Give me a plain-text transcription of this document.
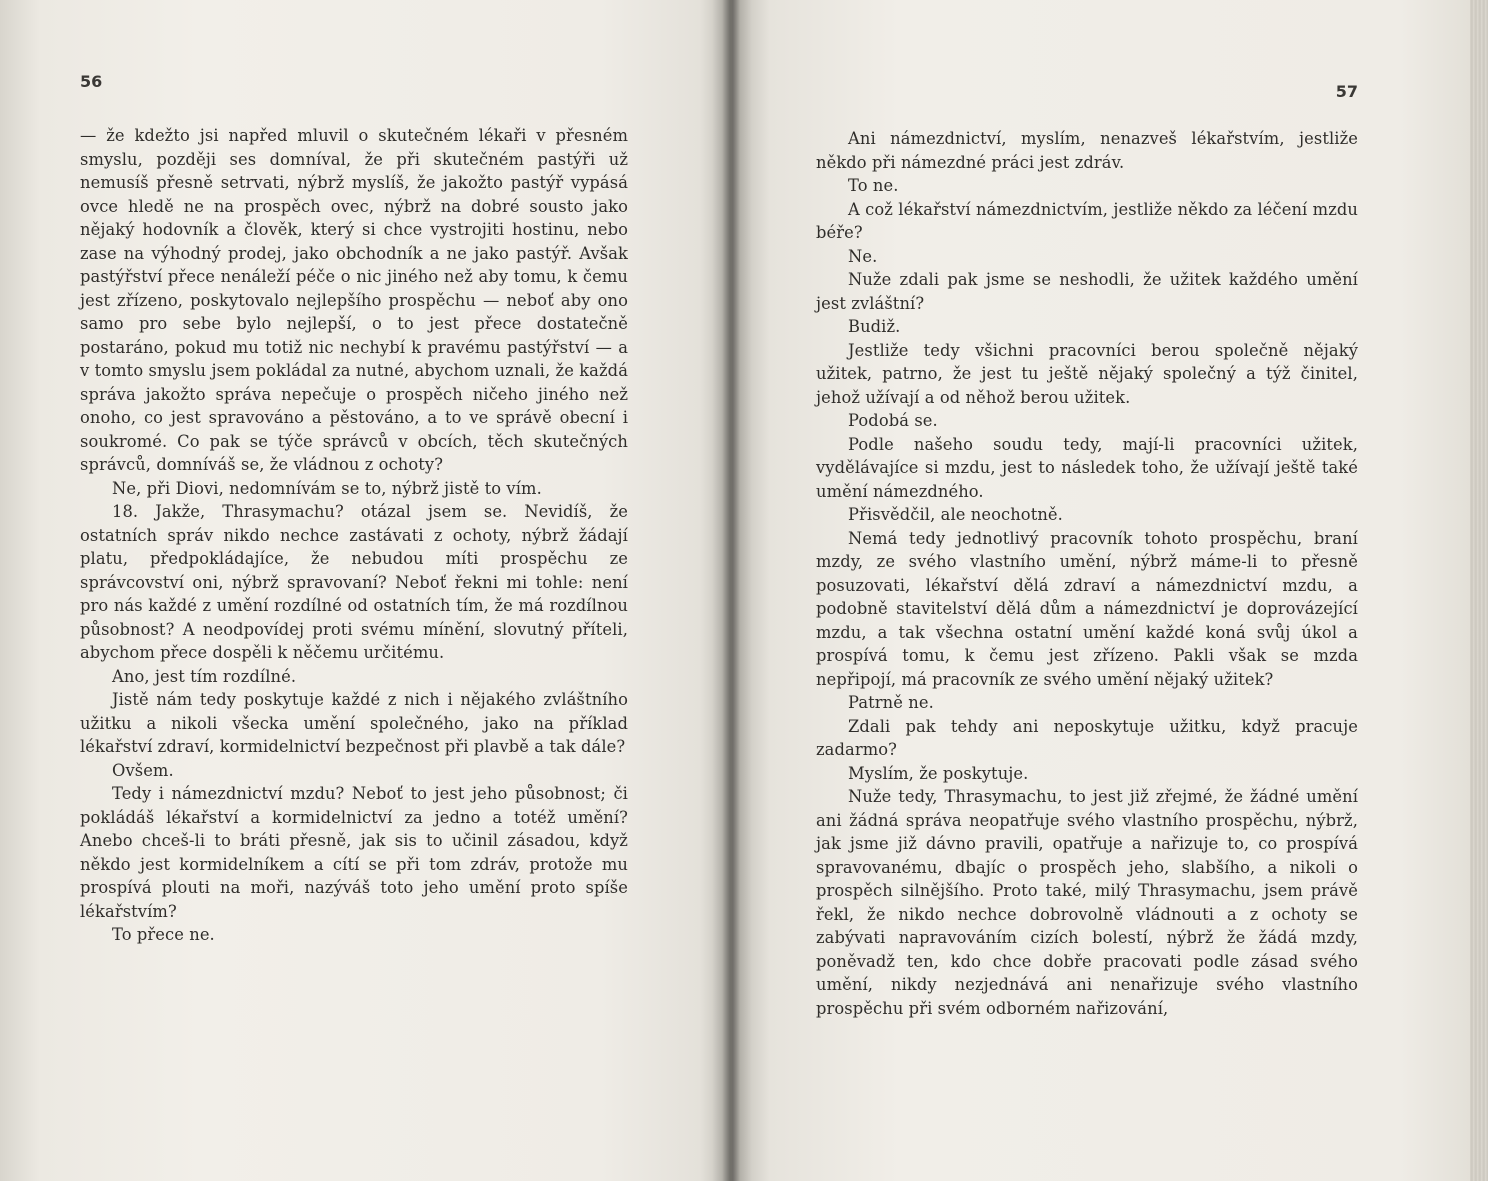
56

— že kdežto jsi napřed mluvil o skutečném lékaři v přesném smyslu, později ses domníval, že při skutečném pastýři už nemusíš přesně setrvati, nýbrž myslíš, že jakožto pastýř vypásá ovce hledě ne na prospěch ovec, nýbrž na dobré sousto jako nějaký hodovník a člověk, který si chce vystrojiti hostinu, nebo zase na výhodný prodej, jako obchodník a ne jako pastýř. Avšak pastýřství přece nenáleží péče o nic jiného než aby tomu, k čemu jest zřízeno, poskytovalo nejlepšího prospěchu — neboť aby ono samo pro sebe bylo nejlepší, o to jest přece dostatečně postaráno, pokud mu totiž nic nechybí k pravému pastýřství — a v tomto smyslu jsem pokládal za nutné, abychom uznali, že každá správa jakožto správa nepečuje o prospěch ničeho jiného než onoho, co jest spravováno a pěstováno, a to ve správě obecní i soukromé. Co pak se týče správců v obcích, těch skutečných správců, domníváš se, že vládnou z ochoty?

Ne, při Diovi, nedomnívám se to, nýbrž jistě to vím.

18. Jakže, Thrasymachu? otázal jsem se. Nevidíš, že ostatních správ nikdo nechce zastávati z ochoty, nýbrž žádají platu, předpokládajíce, že nebudou míti prospěchu ze správcovství oni, nýbrž spravovaní? Neboť řekni mi tohle: není pro nás každé z umění rozdílné od ostatních tím, že má rozdílnou působnost? A neodpovídej proti svému mínění, slovutný příteli, abychom přece dospěli k něčemu určitému.

Ano, jest tím rozdílné.

Jistě nám tedy poskytuje každé z nich i nějakého zvláštního užitku a nikoli všecka umění společného, jako na příklad lékařství zdraví, kormidelnictví bezpečnost při plavbě a tak dále?

Ovšem.

Tedy i námezdnictví mzdu? Neboť to jest jeho působnost; či pokládáš lékařství a kormidelnictví za jedno a totéž umění? Anebo chceš-li to bráti přesně, jak sis to učinil zásadou, když někdo jest kormidelníkem a cítí se při tom zdráv, protože mu prospívá plouti na moři, nazýváš toto jeho umění proto spíše lékařstvím?

To přece ne.

57

Ani námezdnictví, myslím, nenazveš lékařstvím, jestliže někdo při námezdné práci jest zdráv.

To ne.

A což lékařství námezdnictvím, jestliže někdo za léčení mzdu béře?

Ne.

Nuže zdali pak jsme se neshodli, že užitek každého umění jest zvláštní?

Budiž.

Jestliže tedy všichni pracovníci berou společně nějaký užitek, patrno, že jest tu ještě nějaký společný a týž činitel, jehož užívají a od něhož berou užitek.

Podobá se.

Podle našeho soudu tedy, mají-li pracovníci užitek, vydělávajíce si mzdu, jest to následek toho, že užívají ještě také umění námezdného.

Přisvědčil, ale neochotně.

Nemá tedy jednotlivý pracovník tohoto prospěchu, braní mzdy, ze svého vlastního umění, nýbrž máme-li to přesně posuzovati, lékařství dělá zdraví a námezdnictví mzdu, a podobně stavitelství dělá dům a námezdnictví je doprovázející mzdu, a tak všechna ostatní umění každé koná svůj úkol a prospívá tomu, k čemu jest zřízeno. Pakli však se mzda nepřipojí, má pracovník ze svého umění nějaký užitek?

Patrně ne.

Zdali pak tehdy ani neposkytuje užitku, když pracuje zadarmo?

Myslím, že poskytuje.

Nuže tedy, Thrasymachu, to jest již zřejmé, že žádné umění ani žádná správa neopatřuje svého vlastního prospěchu, nýbrž, jak jsme již dávno pravili, opatřuje a nařizuje to, co prospívá spravovanému, dbajíc o prospěch jeho, slabšího, a nikoli o prospěch silnějšího. Proto také, milý Thrasymachu, jsem právě řekl, že nikdo nechce dobrovolně vládnouti a z ochoty se zabývati napravováním cizích bolestí, nýbrž že žádá mzdy, poněvadž ten, kdo chce dobře pracovati podle zásad svého umění, nikdy nezjednává ani nenařizuje svého vlastního prospěchu při svém odborném nařizování,
